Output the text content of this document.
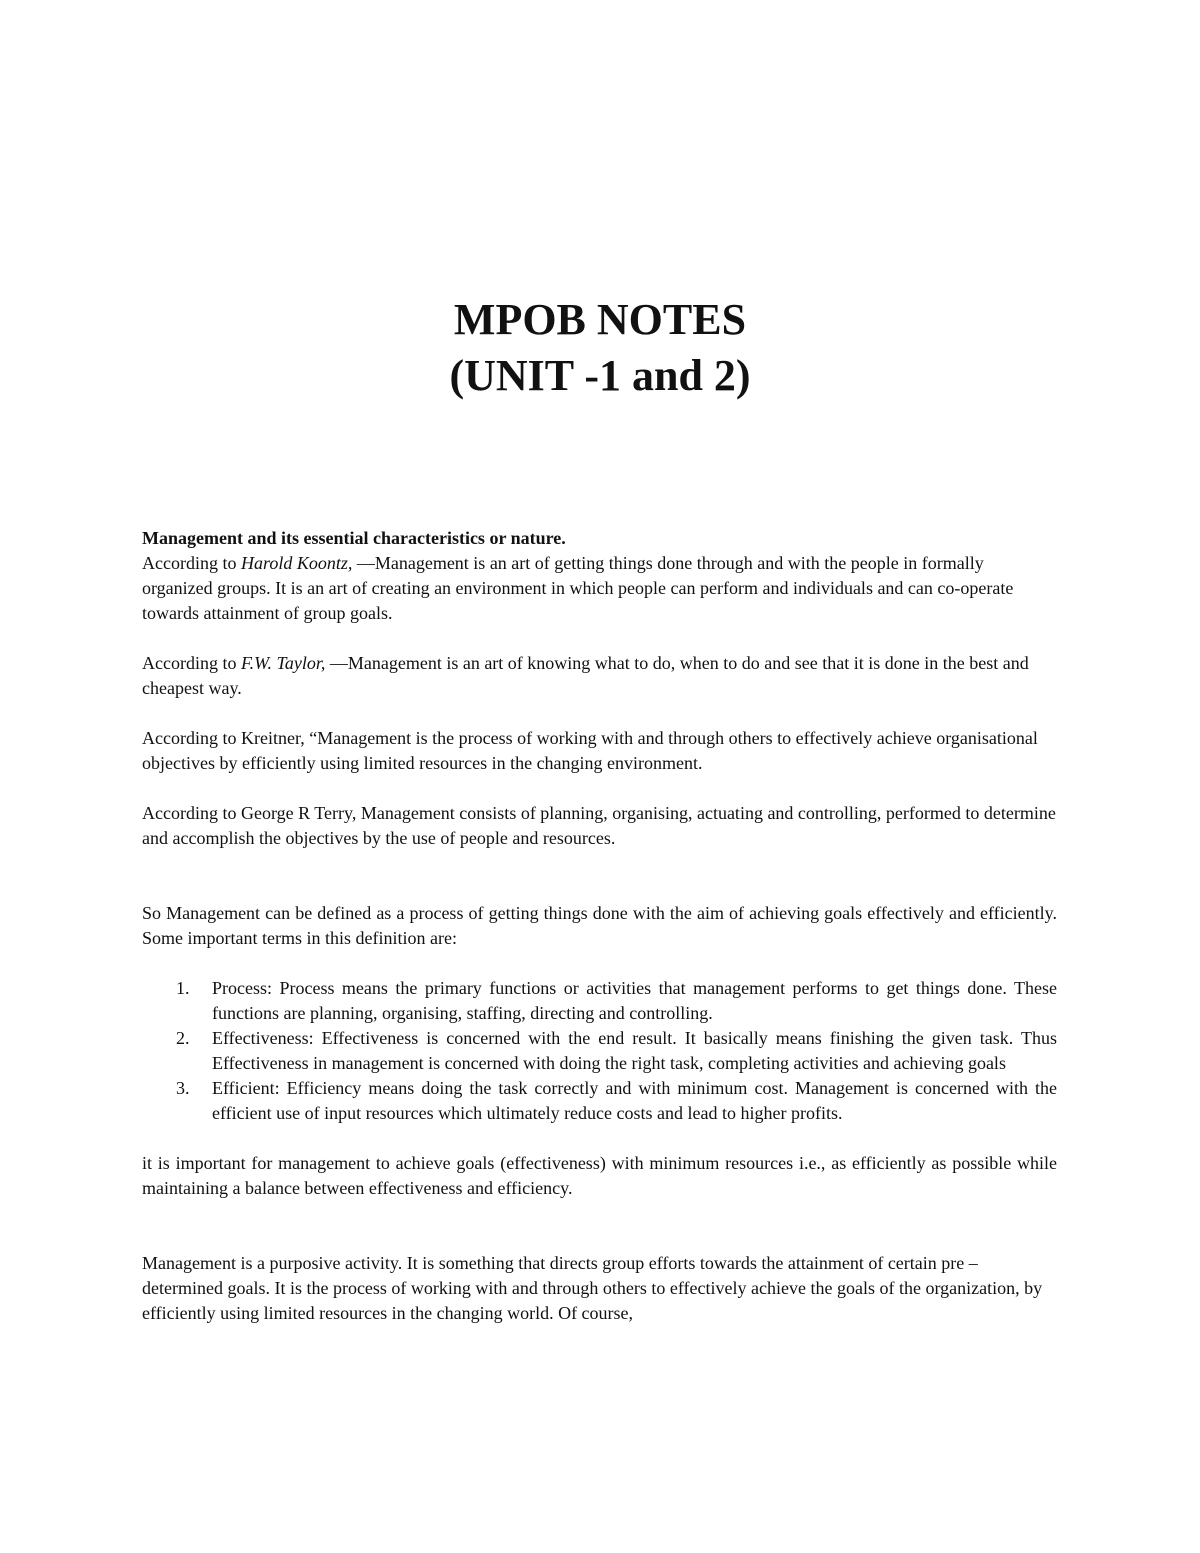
MPOB NOTES
(UNIT -1 and 2)

Management and its essential characteristics or nature.

According to Harold Koontz, —Management is an art of getting things done through and with the people in formally organized groups. It is an art of creating an environment in which people can perform and individuals and can co-operate towards attainment of group goals.

According to F.W. Taylor, —Management is an art of knowing what to do, when to do and see that it is done in the best and cheapest way.

According to Kreitner, “Management is the process of working with and through others to effectively achieve organisational objectives by efficiently using limited resources in the changing environment.

According to George R Terry, Management consists of planning, organising, actuating and controlling, performed to determine and accomplish the objectives by the use of people and resources.

So Management can be defined as a process of getting things done with the aim of achieving goals effectively and efficiently. Some important terms in this definition are:

1. Process: Process means the primary functions or activities that management performs to get things done. These functions are planning, organising, staffing, directing and controlling.
2. Effectiveness: Effectiveness is concerned with the end result. It basically means finishing the given task. Thus Effectiveness in management is concerned with doing the right task, completing activities and achieving goals
3. Efficient: Efficiency means doing the task correctly and with minimum cost. Management is concerned with the efficient use of input resources which ultimately reduce costs and lead to higher profits.

it is important for management to achieve goals (effectiveness) with minimum resources i.e., as efficiently as possible while maintaining a balance between effectiveness and efficiency.

Management is a purposive activity. It is something that directs group efforts towards the attainment of certain pre – determined goals. It is the process of working with and through others to effectively achieve the goals of the organization, by efficiently using limited resources in the changing world. Of course,
